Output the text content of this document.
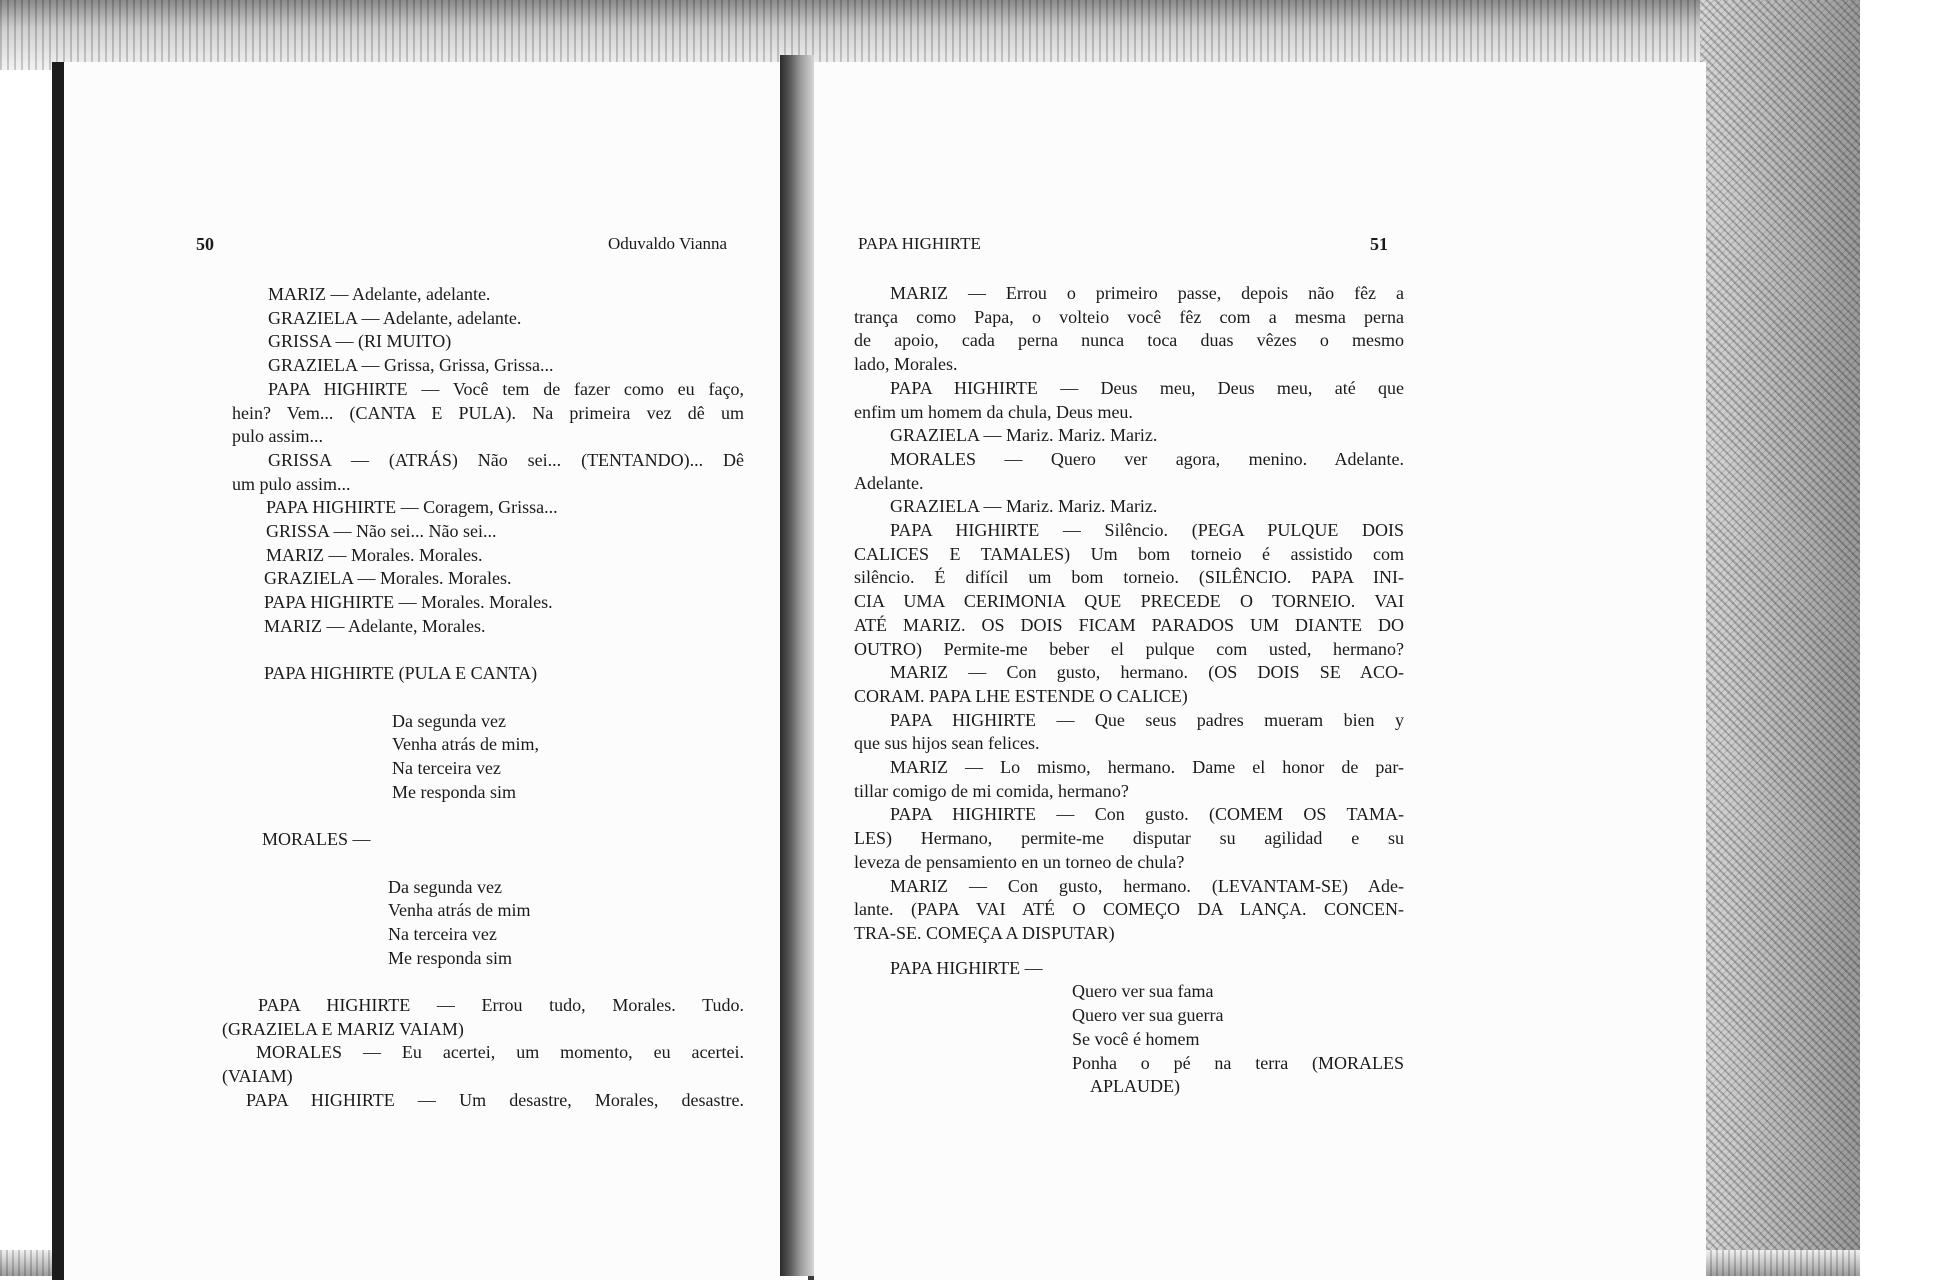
50	Oduvaldo Vianna	PAPA HIGHIRTE	51
MARIZ — Adelante, adelante.
GRAZIELA — Adelante, adelante.
GRISSA — (RI MUITO)
GRAZIELA — Grissa, Grissa, Grissa...
PAPA HIGHIRTE — Você tem de fazer como eu faço,
hein? Vem... (CANTA E PULA). Na primeira vez dê um
pulo assim...
GRISSA — (ATRÁS) Não sei... (TENTANDO)... Dê
um pulo assim...
PAPA HIGHIRTE — Coragem, Grissa...
GRISSA — Não sei... Não sei...
MARIZ — Morales. Morales.
GRAZIELA — Morales. Morales.
PAPA HIGHIRTE — Morales. Morales.
MARIZ — Adelante, Morales.
PAPA HIGHIRTE (PULA E CANTA)
Da segunda vez
Venha atrás de mim,
Na terceira vez
Me responda sim
MORALES —
Da segunda vez
Venha atrás de mim
Na terceira vez
Me responda sim
PAPA HIGHIRTE — Errou tudo, Morales. Tudo.
(GRAZIELA E MARIZ VAIAM)
MORALES — Eu acertei, um momento, eu acertei.
(VAIAM)
PAPA HIGHIRTE — Um desastre, Morales, desastre.
MARIZ — Errou o primeiro passe, depois não fêz a
trança como Papa, o volteio você fêz com a mesma perna
de apoio, cada perna nunca toca duas vêzes o mesmo
lado, Morales.
PAPA HIGHIRTE — Deus meu, Deus meu, até que
enfim um homem da chula, Deus meu.
GRAZIELA — Mariz. Mariz. Mariz.
MORALES — Quero ver agora, menino. Adelante.
Adelante.
GRAZIELA — Mariz. Mariz. Mariz.
PAPA HIGHIRTE — Silêncio. (PEGA PULQUE DOIS
CALICES E TAMALES) Um bom torneio é assistido com
silêncio. É difícil um bom torneio. (SILÊNCIO. PAPA INI-
CIA UMA CERIMONIA QUE PRECEDE O TORNEIO. VAI
ATÉ MARIZ. OS DOIS FICAM PARADOS UM DIANTE DO
OUTRO) Permite-me beber el pulque com usted, hermano?
MARIZ — Con gusto, hermano. (OS DOIS SE ACO-
CORAM. PAPA LHE ESTENDE O CALICE)
PAPA HIGHIRTE — Que seus padres mueram bien y
que sus hijos sean felices.
MARIZ — Lo mismo, hermano. Dame el honor de par-
tillar comigo de mi comida, hermano?
PAPA HIGHIRTE — Con gusto. (COMEM OS TAMA-
LES) Hermano, permite-me disputar su agilidad e su
leveza de pensamiento en un torneo de chula?
MARIZ — Con gusto, hermano. (LEVANTAM-SE) Ade-
lante. (PAPA VAI ATÉ O COMEÇO DA LANÇA. CONCEN-
TRA-SE. COMEÇA A DISPUTAR)
PAPA HIGHIRTE —
Quero ver sua fama
Quero ver sua guerra
Se você é homem
Ponha o pé na terra (MORALES
APLAUDE)
